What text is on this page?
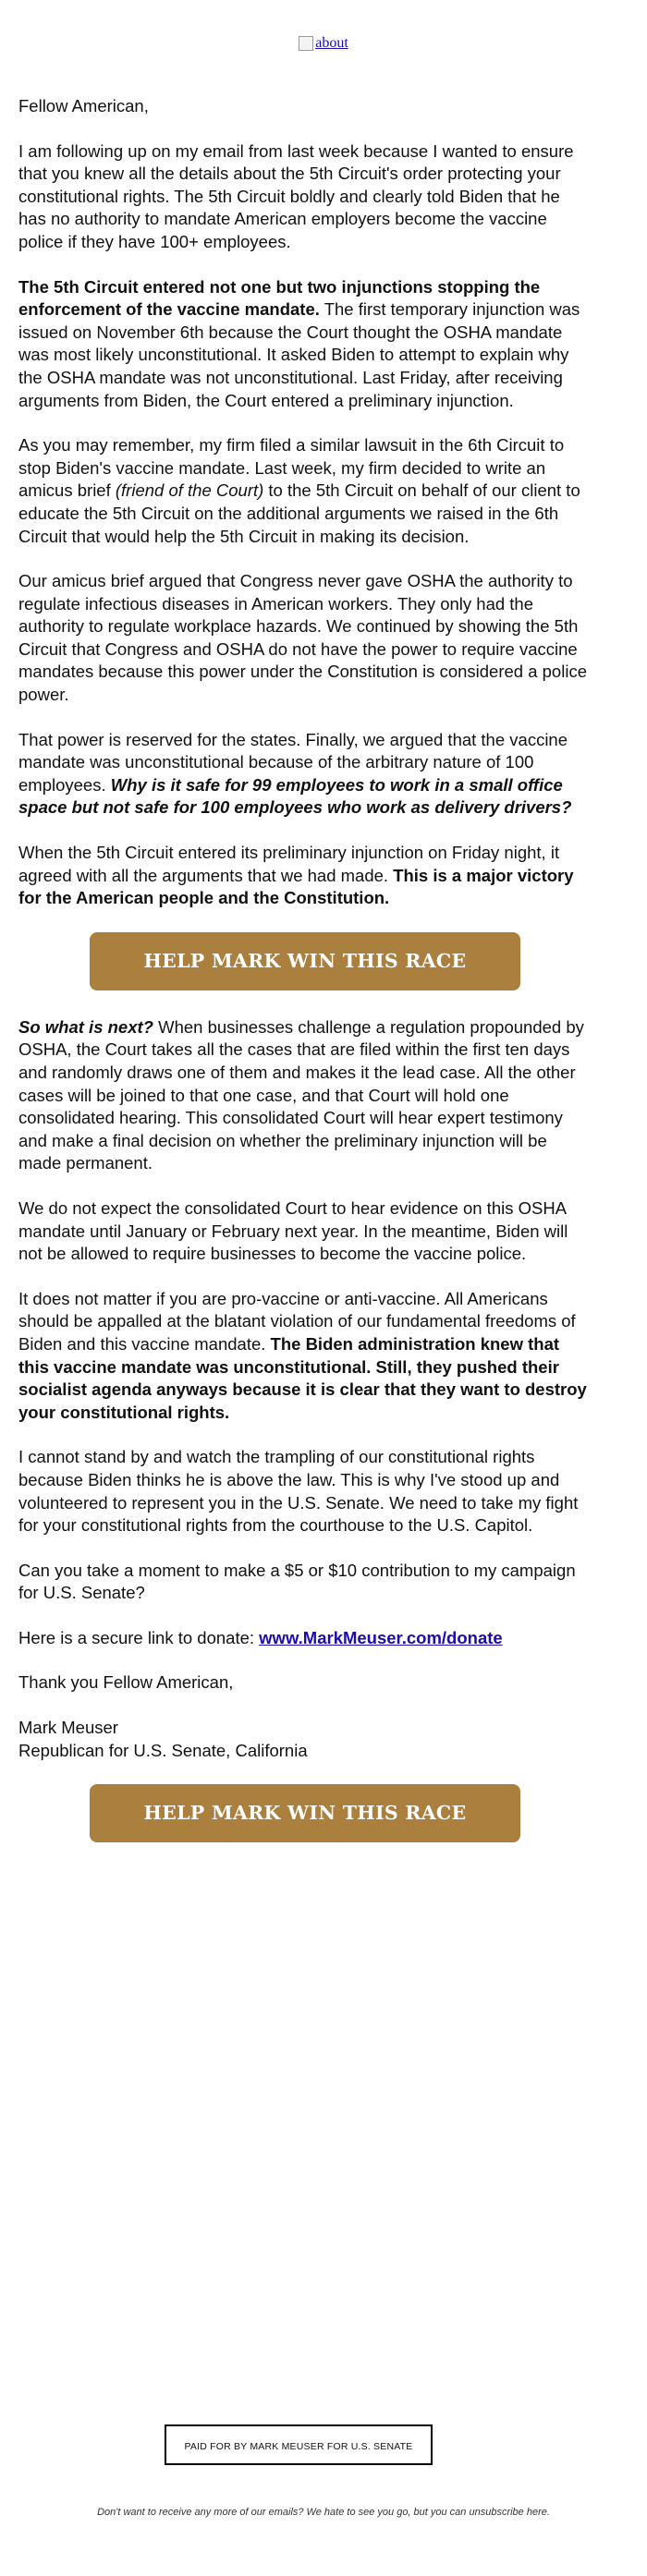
about

Fellow American,

I am following up on my email from last week because I wanted to ensure that you knew all the details about the 5th Circuit's order protecting your constitutional rights. The 5th Circuit boldly and clearly told Biden that he has no authority to mandate American employers become the vaccine police if they have 100+ employees.

The 5th Circuit entered not one but two injunctions stopping the enforcement of the vaccine mandate. The first temporary injunction was issued on November 6th because the Court thought the OSHA mandate was most likely unconstitutional. It asked Biden to attempt to explain why the OSHA mandate was not unconstitutional. Last Friday, after receiving arguments from Biden, the Court entered a preliminary injunction.

As you may remember, my firm filed a similar lawsuit in the 6th Circuit to stop Biden's vaccine mandate. Last week, my firm decided to write an amicus brief (friend of the Court) to the 5th Circuit on behalf of our client to educate the 5th Circuit on the additional arguments we raised in the 6th Circuit that would help the 5th Circuit in making its decision.

Our amicus brief argued that Congress never gave OSHA the authority to regulate infectious diseases in American workers. They only had the authority to regulate workplace hazards. We continued by showing the 5th Circuit that Congress and OSHA do not have the power to require vaccine mandates because this power under the Constitution is considered a police power.

That power is reserved for the states. Finally, we argued that the vaccine mandate was unconstitutional because of the arbitrary nature of 100 employees. Why is it safe for 99 employees to work in a small office space but not safe for 100 employees who work as delivery drivers?

When the 5th Circuit entered its preliminary injunction on Friday night, it agreed with all the arguments that we had made. This is a major victory for the American people and the Constitution.

HELP MARK WIN THIS RACE

So what is next? When businesses challenge a regulation propounded by OSHA, the Court takes all the cases that are filed within the first ten days and randomly draws one of them and makes it the lead case. All the other cases will be joined to that one case, and that Court will hold one consolidated hearing. This consolidated Court will hear expert testimony and make a final decision on whether the preliminary injunction will be made permanent.

We do not expect the consolidated Court to hear evidence on this OSHA mandate until January or February next year. In the meantime, Biden will not be allowed to require businesses to become the vaccine police.

It does not matter if you are pro-vaccine or anti-vaccine. All Americans should be appalled at the blatant violation of our fundamental freedoms of Biden and this vaccine mandate. The Biden administration knew that this vaccine mandate was unconstitutional. Still, they pushed their socialist agenda anyways because it is clear that they want to destroy your constitutional rights.

I cannot stand by and watch the trampling of our constitutional rights because Biden thinks he is above the law. This is why I've stood up and volunteered to represent you in the U.S. Senate. We need to take my fight for your constitutional rights from the courthouse to the U.S. Capitol.

Can you take a moment to make a $5 or $10 contribution to my campaign for U.S. Senate?

Here is a secure link to donate: www.MarkMeuser.com/donate

Thank you Fellow American,

Mark Meuser
Republican for U.S. Senate, California

HELP MARK WIN THIS RACE
PAID FOR BY MARK MEUSER FOR U.S. SENATE
Don't want to receive any more of our emails? We hate to see you go, but you can unsubscribe here.
